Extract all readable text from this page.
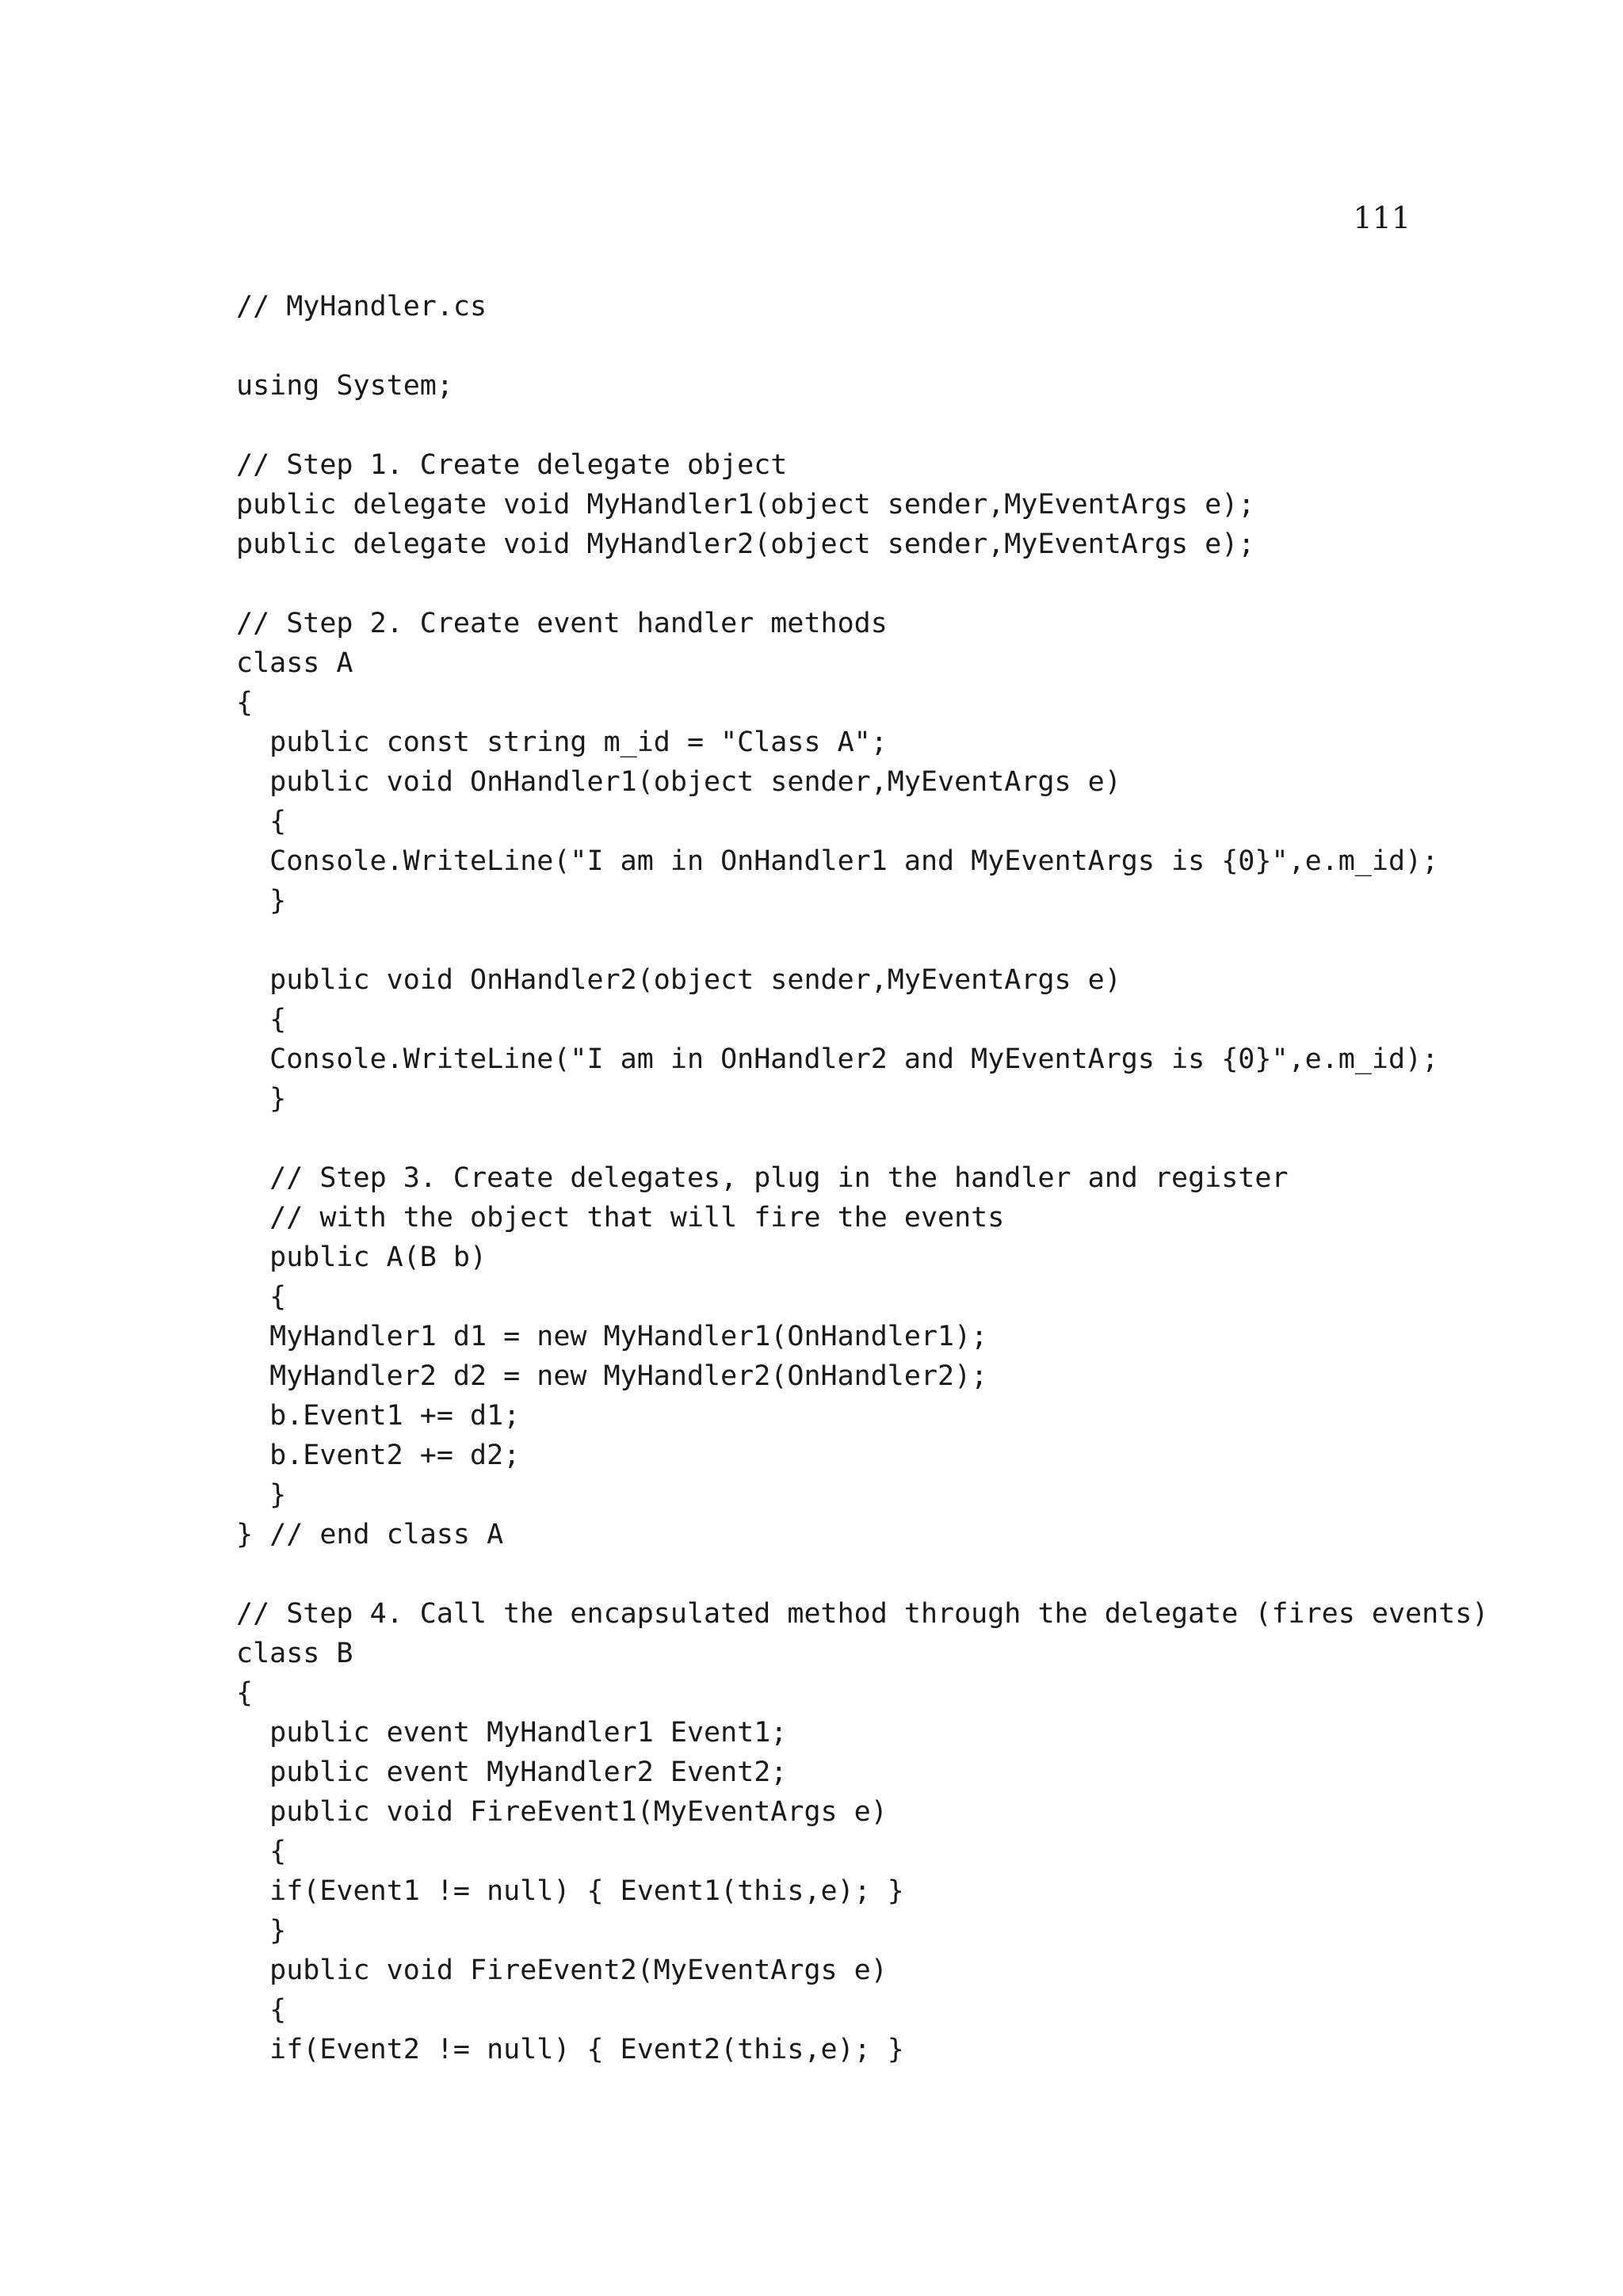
111
// MyHandler.cs
using System;
// Step 1. Create delegate object
public delegate void MyHandler1(object sender,MyEventArgs e);
public delegate void MyHandler2(object sender,MyEventArgs e);
// Step 2. Create event handler methods
class A
{
public const string m_id = "Class A";
public void OnHandler1(object sender,MyEventArgs e)
{
Console.WriteLine("I am in OnHandler1 and MyEventArgs is {0}",e.m_id);
}
public void OnHandler2(object sender,MyEventArgs e)
{
Console.WriteLine("I am in OnHandler2 and MyEventArgs is {0}",e.m_id);
}
// Step 3. Create delegates, plug in the handler and register
// with the object that will fire the events
public A(B b)
{
MyHandler1 d1 = new MyHandler1(OnHandler1);
MyHandler2 d2 = new MyHandler2(OnHandler2);
b.Event1 += d1;
b.Event2 += d2;
}
} // end class A
// Step 4. Call the encapsulated method through the delegate (fires events)
class B
{
public event MyHandler1 Event1;
public event MyHandler2 Event2;
public void FireEvent1(MyEventArgs e)
{
if(Event1 != null) { Event1(this,e); }
}
public void FireEvent2(MyEventArgs e)
{
if(Event2 != null) { Event2(this,e); }
